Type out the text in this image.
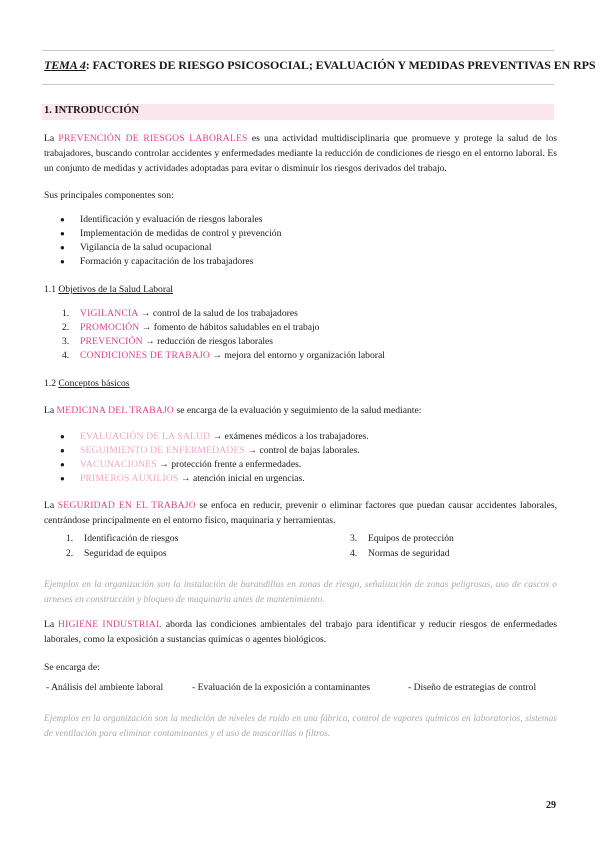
TEMA 4: FACTORES DE RIESGO PSICOSOCIAL; EVALUACIÓN Y MEDIDAS PREVENTIVAS EN RPS
1. INTRODUCCIÓN

La PREVENCIÓN DE RIESGOS LABORALES es una actividad multidisciplinaria que promueve y protege la salud de los trabajadores, buscando controlar accidentes y enfermedades mediante la reducción de condiciones de riesgo en el entorno laboral. Es un conjunto de medidas y actividades adoptadas para evitar o disminuir los riesgos derivados del trabajo.

Sus principales componentes son:

● Identificación y evaluación de riesgos laborales
● Implementación de medidas de control y prevención
● Vigilancia de la salud ocupacional
● Formación y capacitación de los trabajadores

1.1 Objetivos de la Salud Laboral

1. VIGILANCIA → control de la salud de los trabajadores
2. PROMOCIÓN → fomento de hábitos saludables en el trabajo
3. PREVENCIÓN → reducción de riesgos laborales
4. CONDICIONES DE TRABAJO → mejora del entorno y organización laboral

1.2 Conceptos básicos

La MEDICINA DEL TRABAJO se encarga de la evaluación y seguimiento de la salud mediante:

● EVALUACIÓN DE LA SALUD → exámenes médicos a los trabajadores.
● SEGUIMIENTO DE ENFERMEDADES → control de bajas laborales.
● VACUNACIONES → protección frente a enfermedades.
● PRIMEROS AUXILIOS → atención inicial en urgencias.

La SEGURIDAD EN EL TRABAJO se enfoca en reducir, prevenir o eliminar factores que puedan causar accidentes laborales, centrándose principalmente en el entorno físico, maquinaria y herramientas.

1. Identificación de riesgos	3. Equipos de protección
2. Seguridad de equipos	4. Normas de seguridad

Ejemplos en la organización son la instalación de barandillas en zonas de riesgo, señalización de zonas peligrosas, uso de cascos o arneses en construcción y bloqueo de maquinaria antes de mantenimiento.

La HIGIENE INDUSTRIAL aborda las condiciones ambientales del trabajo para identificar y reducir riesgos de enfermedades laborales, como la exposición a sustancias químicas o agentes biológicos.

Se encarga de:

- Análisis del ambiente laboral	- Evaluación de la exposición a contaminantes	- Diseño de estrategias de control

Ejemplos en la organización son la medición de niveles de ruido en una fábrica, control de vapores químicos en laboratorios, sistemas de ventilación para eliminar contaminantes y el uso de mascarillas o filtros.

29
